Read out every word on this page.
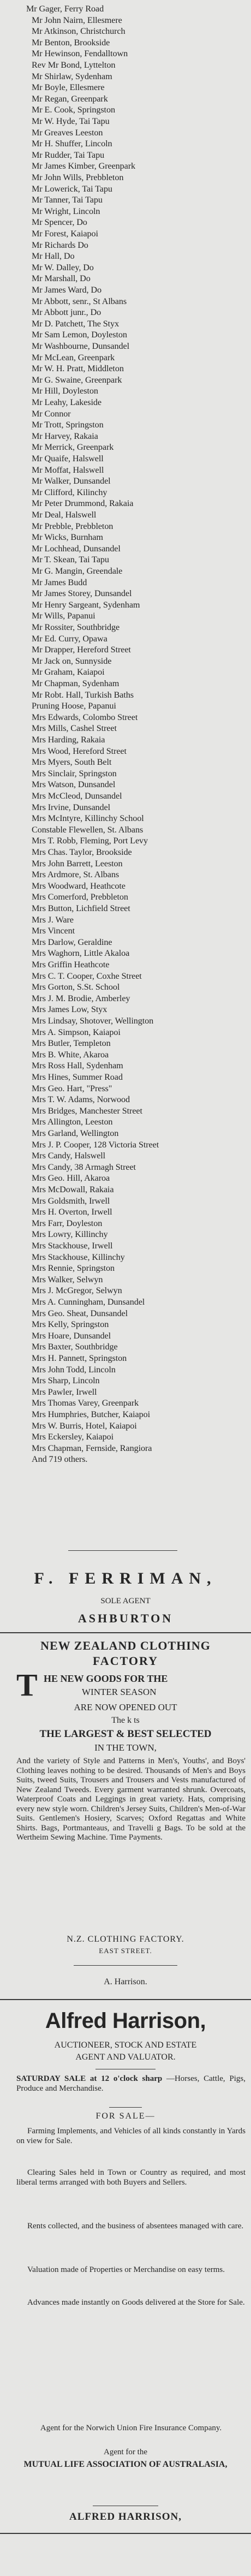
Mr Gager, Ferry Road
Mr John Nairn, Ellesmere
Mr Atkinson, Christchurch
Mr Benton, Brookside
Mr Hewinson, Fendalltown
Rev Mr Bond, Lyttelton
Mr Shirlaw, Sydenham
Mr Boyle, Ellesmere
Mr Regan, Greenpark
Mr E. Cook, Springston
Mr W. Hyde, Tai Tapu
Mr Greaves Leeston
Mr H. Shuffer, Lincoln
Mr Rudder, Tai Tapu
Mr James Kimber, Greenpark
Mr John Wills, Prebbleton
Mr Lowerick, Tai Tapu
Mr Tanner, Tai Tapu
Mr Wright, Lincoln
Mr Spencer, Do
Mr Forest, Kaiapoi
Mr Richards Do
Mr Hall, Do
Mr W. Dalley, Do
Mr Marshall, Do
Mr James Ward, Do
Mr Abbott, senr., St Albans
Mr Abbott junr., Do
Mr D. Patchett, The Styx
Mr Sam Lemon, Doyleston
Mr Washbourne, Dunsandel
Mr McLean, Greenpark
Mr W. H. Pratt, Middleton
Mr G. Swaine, Greenpark
Mr Hill, Doyleston
Mr Leahy, Lakeside
Mr Connor
Mr Trott, Springston
Mr Harvey, Rakaia
Mr Merrick, Greenpark
Mr Quaife, Halswell
Mr Moffat, Halswell
Mr Walker, Dunsandel
Mr Clifford, Kilinchy
Mr Peter Drummond, Rakaia
Mr Deal, Halswell
Mr Prebble, Prebbleton
Mr Wicks, Burnham
Mr Lochhead, Dunsandel
Mr T. Skean, Tai Tapu
Mr G. Mangin, Greendale
Mr James Budd
Mr James Storey, Dunsandel
Mr Henry Sargeant, Sydenham
Mr Wills, Papanui
Mr Rossiter, Southbridge
Mr Ed. Curry, Opawa
Mr Drapper, Hereford Street
Mr Jack on, Sunnyside
Mr Graham, Kaiapoi
Mr Chapman, Sydenham
Mr Robt. Hall, Turkish Baths
Pruning Hoose, Papanui
Mrs Edwards, Colombo Street
Mrs Mills, Cashel Street
Mrs Harding, Rakaia
Mrs Wood, Hereford Street
Mrs Myers, South Belt
Mrs Sinclair, Springston
Mrs Watson, Dunsandel
Mrs McCleod, Dunsandel
Mrs Irvine, Dunsandel
Mrs McIntyre, Killinchy School
Constable Flewellen, St. Albans
Mrs T. Robb, Fleming, Port Levy
Mrs Chas. Taylor, Brookside
Mrs John Barrett, Leeston
Mrs Ardmore, St. Albans
Mrs Woodward, Heathcote
Mrs Comerford, Prebbleton
Mrs Button, Lichfield Street
Mrs J. Ware
Mrs Vincent
Mrs Darlow, Geraldine
Mrs Waghorn, Little Akaloa
Mrs Griffin Heathcote
Mrs C. T. Cooper, Coxhe Street
Mrs Gorton, S.St. School
Mrs J. M. Brodie, Amberley
Mrs James Low, Styx
Mrs Lindsay, Shotover, Wellington
Mrs A. Simpson, Kaiapoi
Mrs Butler, Templeton
Mrs B. White, Akaroa
Mrs Ross Hall, Sydenham
Mrs Hines, Summer Road
Mrs Geo. Hart, "Press"
Mrs T. W. Adams, Norwood
Mrs Bridges, Manchester Street
Mrs Allington, Leeston
Mrs Garland, Wellington
Mrs J. P. Cooper, 128 Victoria Street
Mrs Candy, Halswell
Mrs Candy, 38 Armagh Street
Mrs Geo. Hill, Akaroa
Mrs McDowall, Rakaia
Mrs Goldsmith, Irwell
Mrs H. Overton, Irwell
Mrs Farr, Doyleston
Mrs Lowry, Killinchy
Mrs Stackhouse, Irwell
Mrs Stackhouse, Killinchy
Mrs Rennie, Springston
Mrs Walker, Selwyn
Mrs J. McGregor, Selwyn
Mrs A. Cunningham, Dunsandel
Mrs Geo. Sheat, Dunsandel
Mrs Kelly, Springston
Mrs Hoare, Dunsandel
Mrs Baxter, Southbridge
Mrs H. Pannett, Springston
Mrs John Todd, Lincoln
Mrs Sharp, Lincoln
Mrs Pawler, Irwell
Mrs Thomas Varey, Greenpark
Mrs Humphries, Butcher, Kaiapoi
Mrs W. Burris, Hotel, Kaiapoi
Mrs Eckersley, Kaiapoi
Mrs Chapman, Fernside, Rangiora
And 719 others.
F. FERRIMAN,
SOLE AGENT
ASHBURTON
NEW ZEALAND CLOTHING
FACTORY
T HE NEW GOODS FOR THE
WINTER SEASON
ARE NOW OPENED OUT
The k ts
THE LARGEST & BEST SELECTED
IN THE TOWN,
And the variety of Style and Patterns in Men's, Youths', and Boys' Clothing leaves nothing to be desired. Thousands of Men's and Boys Suits, tweed Suits, Trousers and Trousers and Vests manufactured of New Zealand Tweeds. Every garment warranted shrunk. Overcoats, Waterproof Coats and Leggings in great variety. Hats, comprising every new style worn. Children's Jersey Suits, Children's Men-of-War Suits. Gentlemen's Hosiery, Scarves; Oxford Regattas and White Shirts. Bags, Portmanteaus, and Travelli g Bags. To be sold at the Wertheim Sewing Machine. Time Payments.
N.Z. CLOTHING FACTORY.
EAST STREET.
A. Harrison.
Alfred Harrison,
AUCTIONEER, STOCK AND ESTATE
AGENT AND VALUATOR.
SATURDAY SALE at 12 o'clock sharp —Horses, Cattle, Pigs, Produce and Merchandise.
FOR SALE—
Farming Implements, and Vehicles of all kinds constantly in Yards on view for Sale.
Clearing Sales held in Town or Country as required, and most liberal terms arranged with both Buyers and Sellers.
Rents collected, and the business of absentees managed with care.
Valuation made of Properties or Merchandise on easy terms.
Advances made instantly on Goods delivered at the Store for Sale.
Agent for the Norwich Union Fire Insurance Company.
Agent for the
MUTUAL LIFE ASSOCIATION OF AUSTRALASIA,
ALFRED HARRISON,
